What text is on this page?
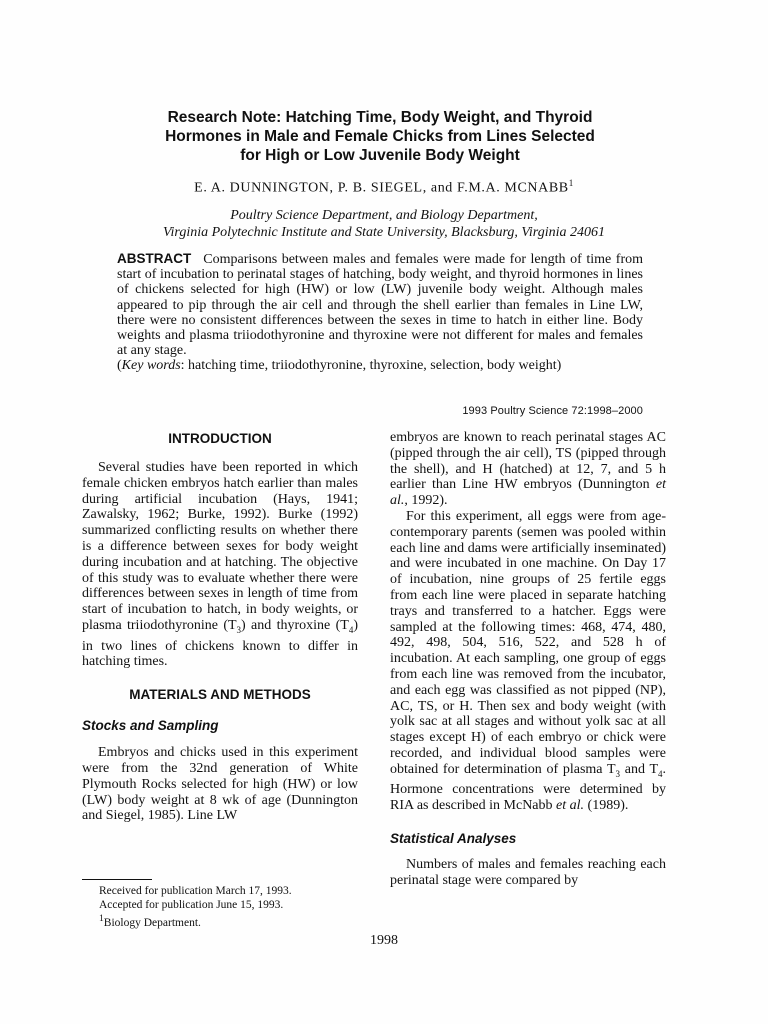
Research Note: Hatching Time, Body Weight, and Thyroid
Hormones in Male and Female Chicks from Lines Selected
for High or Low Juvenile Body Weight
E. A. DUNNINGTON, P. B. SIEGEL, and F.M.A. MCNABB$^1$
Poultry Science Department, and Biology Department,
Virginia Polytechnic Institute and State University, Blacksburg, Virginia 24061
ABSTRACT Comparisons between males and females were made for length of time from start of incubation to perinatal stages of hatching, body weight, and thyroid hormones in lines of chickens selected for high (HW) or low (LW) juvenile body weight. Although males appeared to pip through the air cell and through the shell earlier than females in Line LW, there were no consistent differences between the sexes in time to hatch in either line. Body weights and plasma triiodothyronine and thyroxine were not different for males and females at any stage.
(Key words: hatching time, triiodothyronine, thyroxine, selection, body weight)
1993 Poultry Science 72:1998–2000
INTRODUCTION

Several studies have been reported in which female chicken embryos hatch earlier than males during artificial incubation (Hays, 1941; Zawalsky, 1962; Burke, 1992). Burke (1992) summarized conflicting results on whether there is a difference between sexes for body weight during incubation and at hatching. The objective of this study was to evaluate whether there were differences between sexes in length of time from start of incubation to hatch, in body weights, or plasma triiodothyronine $(T_3)$ and thyroxine $(T_4)$ in two lines of chickens known to differ in hatching times.

MATERIALS AND METHODS
Stocks and Sampling

Embryos and chicks used in this experiment were from the 32nd generation of White Plymouth Rocks selected for high (HW) or low (LW) body weight at 8 wk of age (Dunnington and Siegel, 1985). Line LW

embryos are known to reach perinatal stages AC (pipped through the air cell), TS (pipped through the shell), and H (hatched) at 12, 7, and 5 h earlier than Line HW embryos (Dunnington et al., 1992).

For this experiment, all eggs were from age-contemporary parents (semen was pooled within each line and dams were artificially inseminated) and were incubated in one machine. On Day 17 of incubation, nine groups of 25 fertile eggs from each line were placed in separate hatching trays and transferred to a hatcher. Eggs were sampled at the following times: 468, 474, 480, 492, 498, 504, 516, 522, and 528 h of incubation. At each sampling, one group of eggs from each line was removed from the incubator, and each egg was classified as not pipped (NP), AC, TS, or H. Then sex and body weight (with yolk sac at all stages and without yolk sac at all stages except H) of each embryo or chick were recorded, and individual blood samples were obtained for determination of plasma $T_3$ and $T_4$. Hormone concentrations were determined by RIA as described in McNabb et al. (1989).

Statistical Analyses

Numbers of males and females reaching each perinatal stage were compared by

Received for publication March 17, 1993.
Accepted for publication June 15, 1993.
$^1$Biology Department.
1998
